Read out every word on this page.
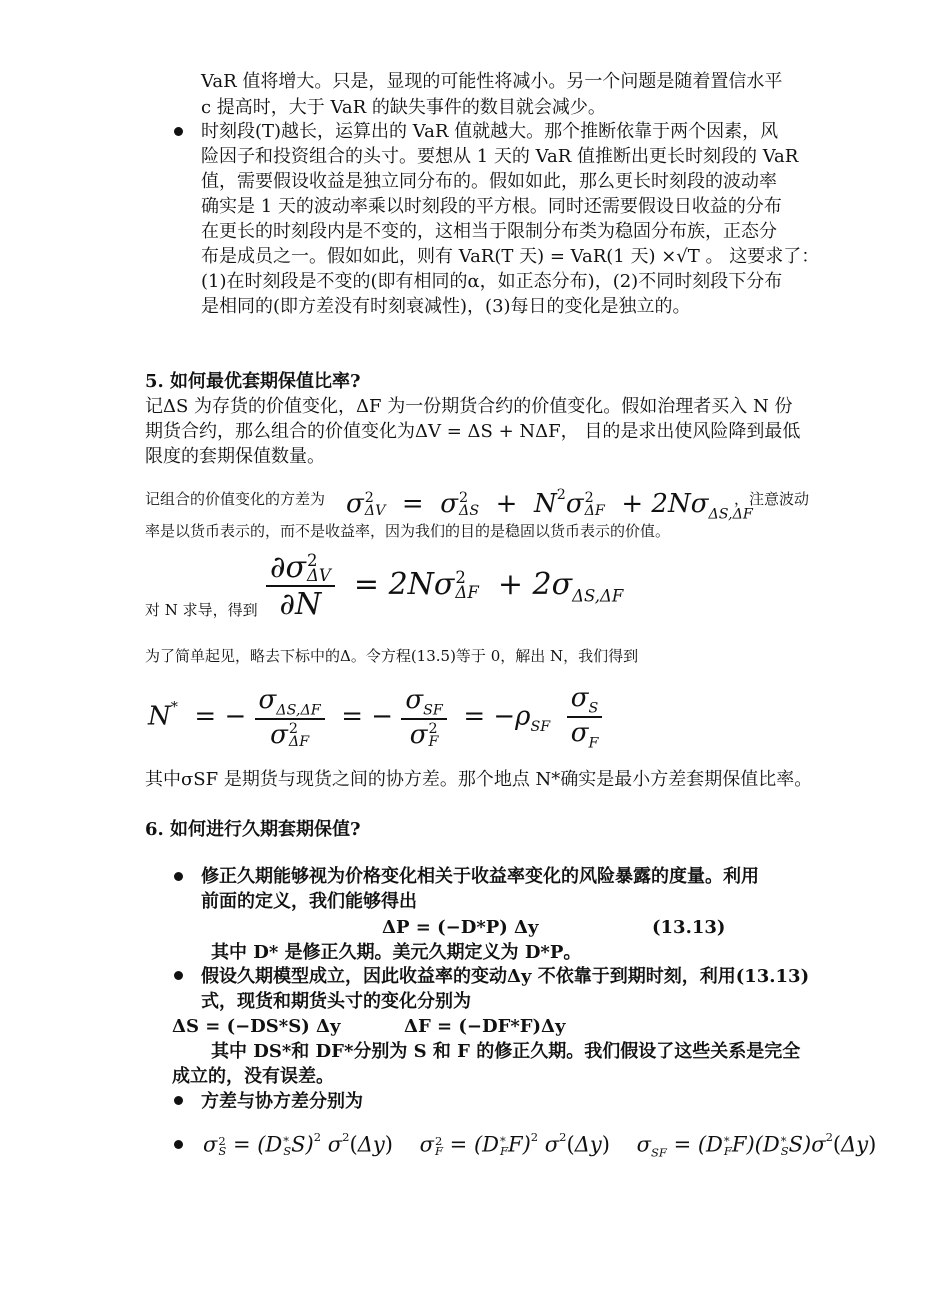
VaR 值将增大。只是，显现的可能性将减小。另一个问题是随着置信水平
c 提高时，大于 VaR 的缺失事件的数目就会减少。
时刻段(T)越长，运算出的 VaR 值就越大。那个推断依靠于两个因素，风
险因子和投资组合的头寸。要想从 1 天的 VaR 值推断出更长时刻段的 VaR
值，需要假设收益是独立同分布的。假如如此，那么更长时刻段的波动率
确实是 1 天的波动率乘以时刻段的平方根。同时还需要假设日收益的分布
在更长的时刻段内是不变的，这相当于限制分布类为稳固分布族，正态分
布是成员之一。假如如此，则有 VaR(T 天) = VaR(1 天) ×√T 。 这要求了：
(1)在时刻段是不变的(即有相同的α，如正态分布)，(2)不同时刻段下分布
是相同的(即方差没有时刻衰减性)，(3)每日的变化是独立的。
5. 如何最优套期保值比率?
记ΔS 为存货的价值变化，ΔF 为一份期货合约的价值变化。假如治理者买入 N 份
期货合约，那么组合的价值变化为ΔV = ΔS + NΔF， 目的是求出使风险降到最低
限度的套期保值数量。
记组合的价值变化的方差为 σ 2
ΔV =  σ 2
$\Delta S + N^2\sigma$ 2
$\Delta F + 2N\sigma_{\Delta S,\Delta F}$
，注意波动
率是以货币表示的，而不是收益率，因为我们的目的是稳固以货币表示的价值。
对 N 求导，得到 ∂σ 2
ΔV
∂N = 2Nσ 2
$\Delta F + 2\sigma_{\Delta S,\Delta F}$
为了简单起见，略去下标中的Δ。令方程(13.5)等于 0，解出 N，我们得到
N*  = − $\sigma_{\Delta S,\Delta F}$
σ 2
ΔF = − $\sigma_{SF}$
σ 2
$F = -\rho_{SF} \frac{\sigma_S}{\sigma_F}$
其中σSF 是期货与现货之间的协方差。那个地点 N*确实是最小方差套期保值比率。
6. 如何进行久期套期保值?
修正久期能够视为价格变化相关于收益率变化的风险暴露的度量。利用
前面的定义，我们能够得出
ΔP = (−D*P) Δy	(13.13)
其中 D* 是修正久期。美元久期定义为 D*P。
假设久期模型成立，因此收益率的变动Δy 不依靠于到期时刻，利用(13.13)
式，现货和期货头寸的变化分别为
ΔS = (−DS*S) Δy	ΔF = (−DF*F)Δy
其中 DS*和 DF*分别为 S 和 F 的修正久期。我们假设了这些关系是完全
成立的，没有误差。
方差与协方差分别为
σ 2
S = (D *
S S)$^2$ $\sigma^2(\Delta y)$    σ 2
F = (D *
F F)$^2$ $\sigma^2(\Delta y)$    $\sigma_{SF} = (D$ *
F F)(D *
S $S)\sigma^2(\Delta y)$
